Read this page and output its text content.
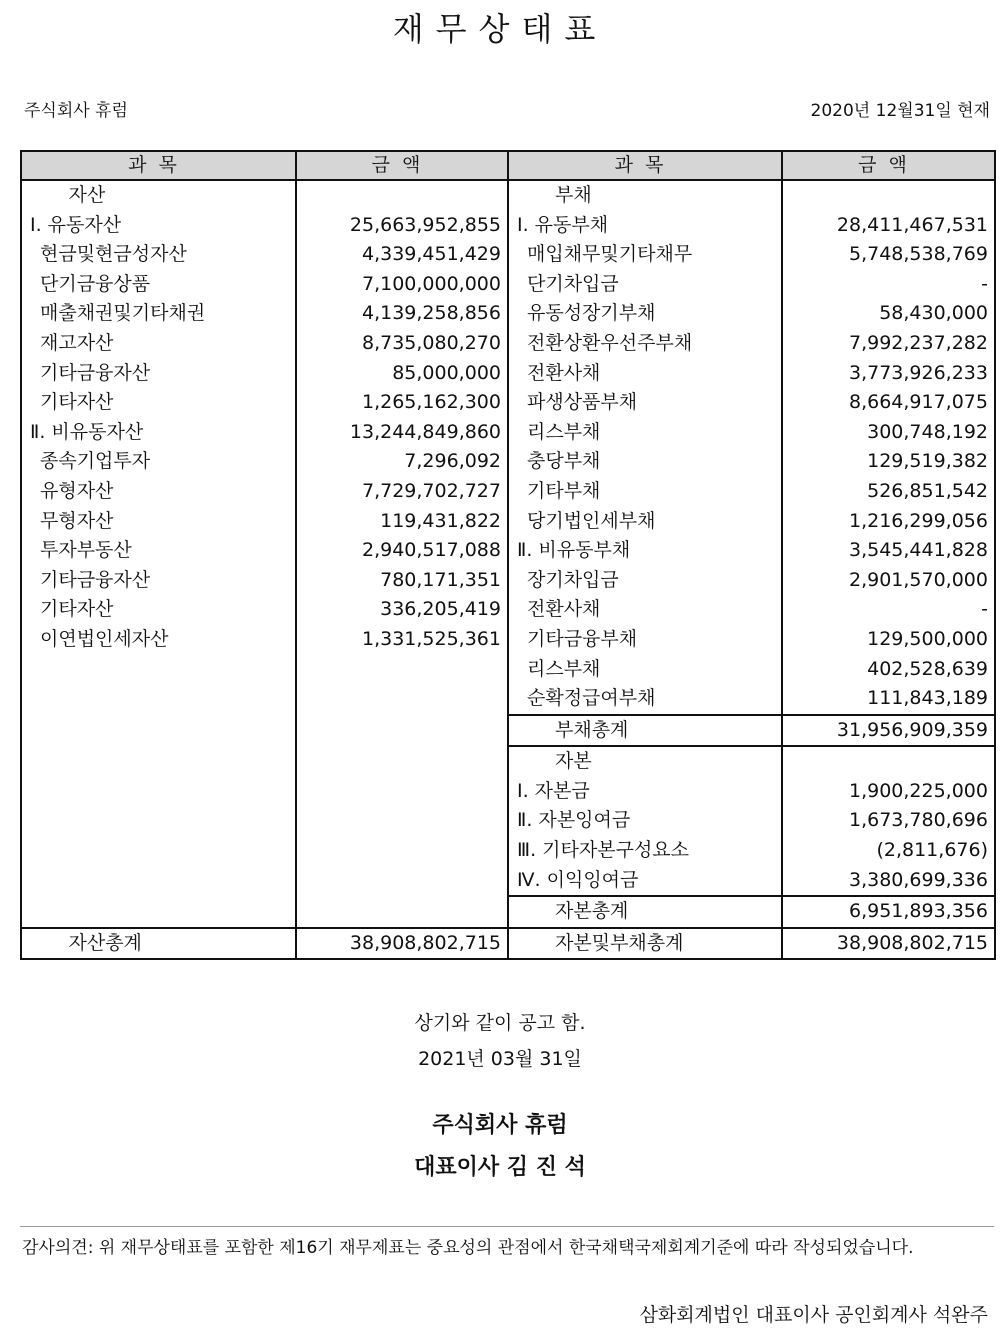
재무상태표
주식회사 휴럼	2020년 12월31일 현재
과목	금액	과목	금액
자산		부채	
Ⅰ. 유동자산	25,663,952,855	Ⅰ. 유동부채	28,411,467,531
현금및현금성자산	4,339,451,429	매입채무및기타채무	5,748,538,769
단기금융상품	7,100,000,000	단기차입금	-
매출채권및기타채권	4,139,258,856	유동성장기부채	58,430,000
재고자산	8,735,080,270	전환상환우선주부채	7,992,237,282
기타금융자산	85,000,000	전환사채	3,773,926,233
기타자산	1,265,162,300	파생상품부채	8,664,917,075
Ⅱ. 비유동자산	13,244,849,860	리스부채	300,748,192
종속기업투자	7,296,092	충당부채	129,519,382
유형자산	7,729,702,727	기타부채	526,851,542
무형자산	119,431,822	당기법인세부채	1,216,299,056
투자부동산	2,940,517,088	Ⅱ. 비유동부채	3,545,441,828
기타금융자산	780,171,351	장기차입금	2,901,570,000
기타자산	336,205,419	전환사채	-
이연법인세자산	1,331,525,361	기타금융부채	129,500,000
		리스부채	402,528,639
		순확정급여부채	111,843,189
		부채총계	31,956,909,359
		자본	
		Ⅰ. 자본금	1,900,225,000
		Ⅱ. 자본잉여금	1,673,780,696
		Ⅲ. 기타자본구성요소	(2,811,676)
		Ⅳ. 이익잉여금	3,380,699,336
		자본총계	6,951,893,356
자산총계	38,908,802,715	자본및부채총계	38,908,802,715
상기와 같이 공고 함.
2021년 03월 31일
주식회사 휴럼
대표이사 김 진 석
감사의견: 위 재무상태표를 포함한 제16기 재무제표는 중요성의 관점에서 한국채택국제회계기준에 따라 작성되었습니다.
삼화회계법인 대표이사 공인회계사 석완주
